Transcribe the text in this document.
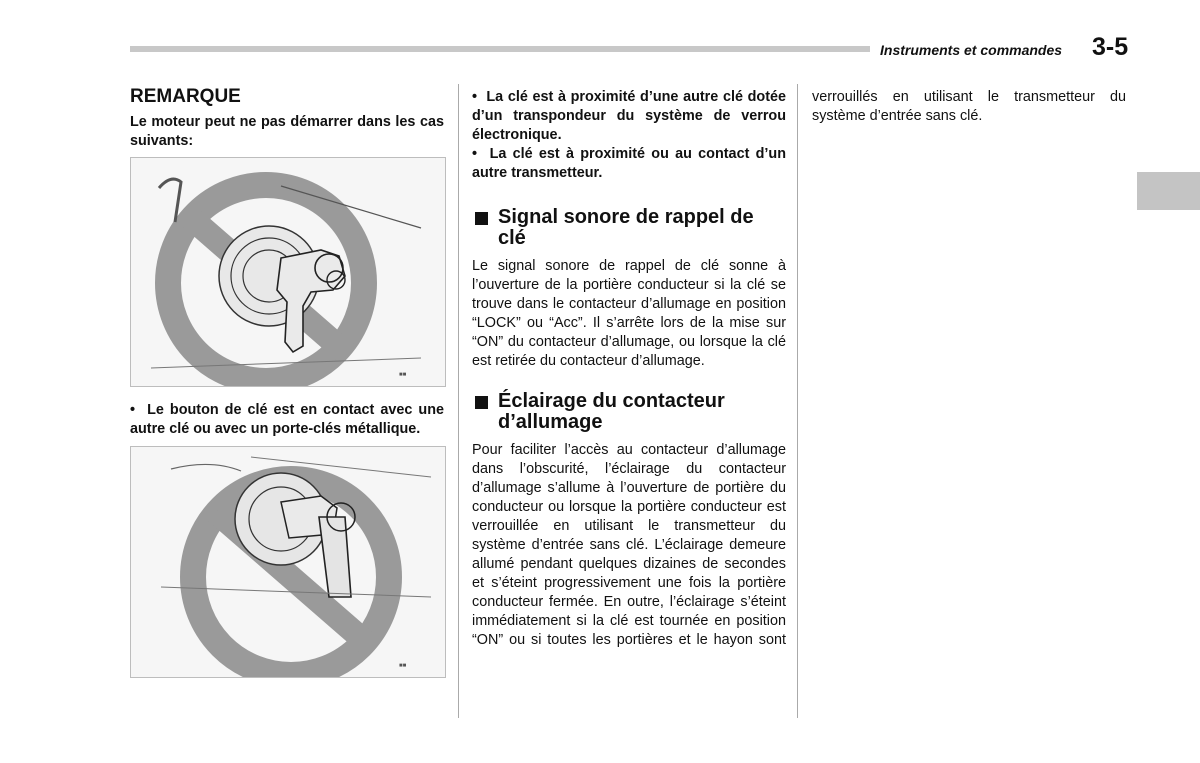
Instruments et commandes 3-5

REMARQUE

Le moteur peut ne pas démarrer dans les cas suivants:

■■

• Le bouton de clé est en contact avec une autre clé ou avec un porte-clés métallique.

■■

• La clé est à proximité d’une autre clé dotée d’un transpondeur du système de verrou électronique.

• La clé est à proximité ou au contact d’un autre transmetteur.

Signal sonore de rappel de clé

Le signal sonore de rappel de clé sonne à l’ouverture de la portière conducteur si la clé se trouve dans le contacteur d’allumage en position “LOCK” ou “Acc”. Il s’arrête lors de la mise sur “ON” du contacteur d’allumage, ou lorsque la clé est retirée du contacteur d’allumage.

Éclairage du contacteur d’allumage

Pour faciliter l’accès au contacteur d’allumage dans l’obscurité, l’éclairage du contacteur d’allumage s’allume à l’ouverture de portière du conducteur ou lorsque la portière conducteur est verrouillée en utilisant le transmetteur du système d’entrée sans clé. L’éclairage demeure allumé pendant quelques dizaines de secondes et s’éteint progressivement une fois la portière conducteur fermée. En outre, l’éclairage s’éteint immédiatement si la clé est tournée en position “ON” ou si toutes les portières et le hayon sont

verrouillés en utilisant le transmetteur du système d’entrée sans clé.
